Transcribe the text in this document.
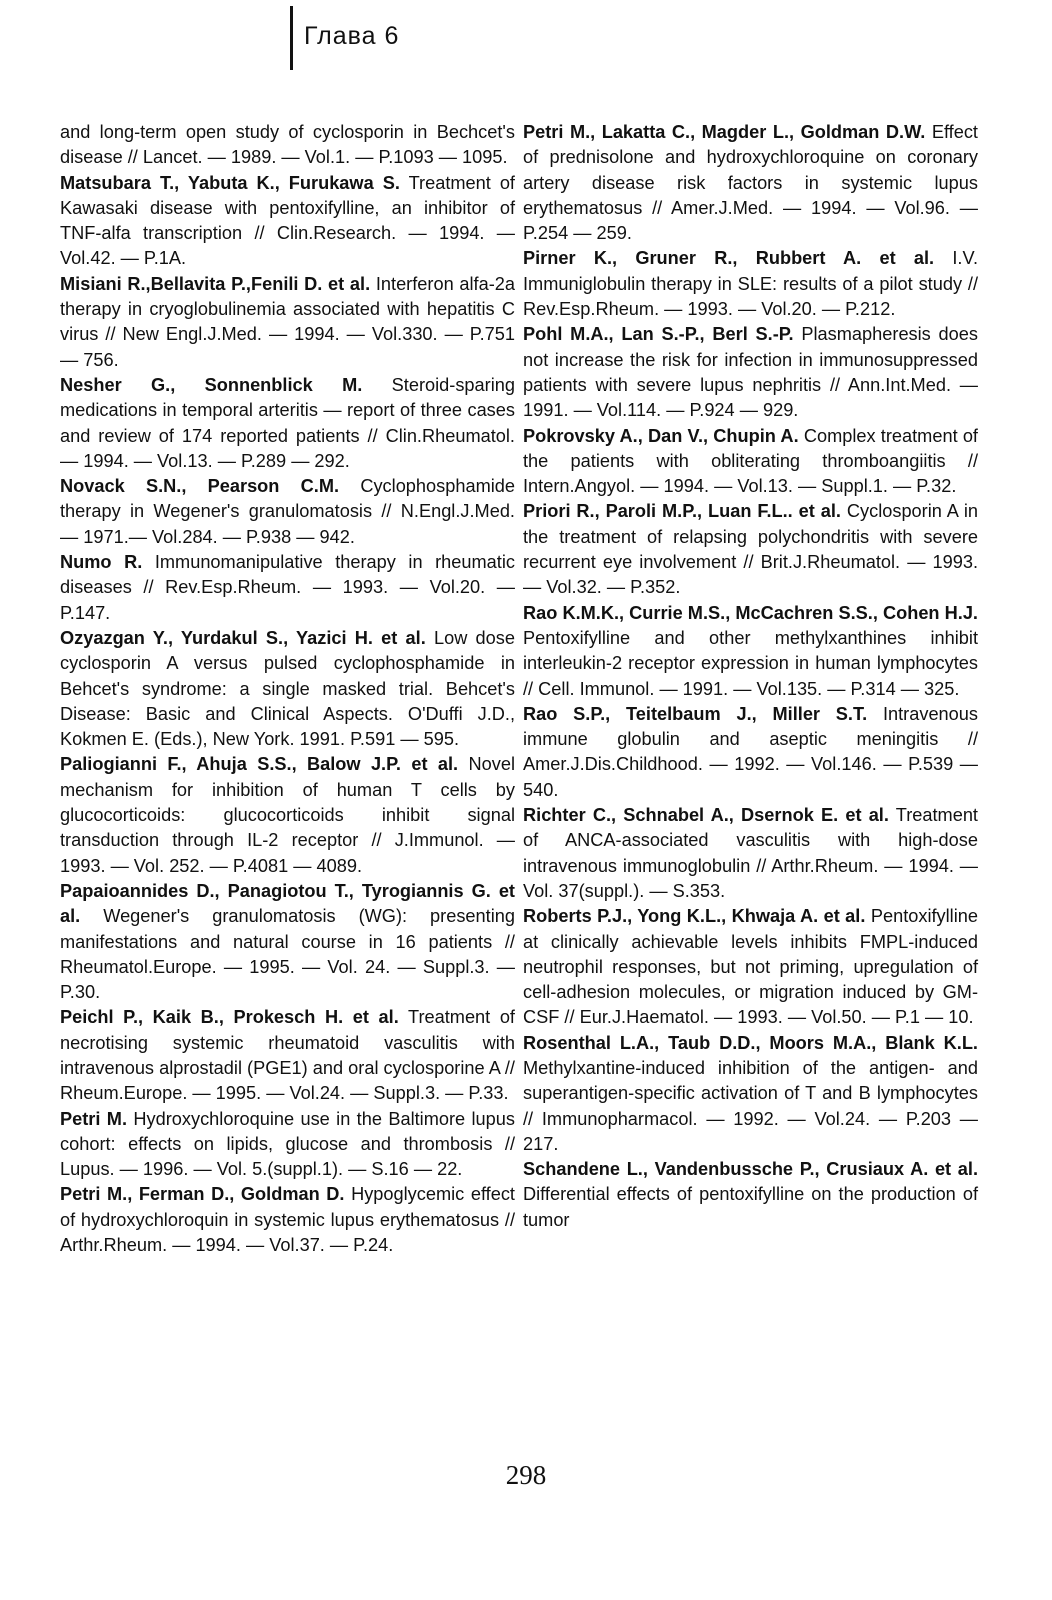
Глава 6

and long-term open study of cyclosporin in Bechcet's disease // Lancet. — 1989. — Vol.1. — P.1093 — 1095.

Matsubara T., Yabuta K., Furukawa S. Treatment of Kawasaki disease with pentoxifylline, an inhibitor of TNF-alfa transcription // Clin.Research. — 1994. — Vol.42. — P.1A.

Misiani R.,Bellavita P.,Fenili D. et al. Interferon alfa-2a therapy in cryoglobulinemia associated with hepatitis C virus // New Engl.J.Med. — 1994. — Vol.330. — P.751 — 756.

Nesher G., Sonnenblick M. Steroid-sparing medications in temporal arteritis — report of three cases and review of 174 reported patients // Clin.Rheumatol. — 1994. — Vol.13. — P.289 — 292.

Novack S.N., Pearson C.M. Cyclophosphamide therapy in Wegener's granulomatosis // N.Engl.J.Med. — 1971.— Vol.284. — P.938 — 942.

Numo R. Immunomanipulative therapy in rheumatic diseases // Rev.Esp.Rheum. — 1993. — Vol.20. — P.147.

Ozyazgan Y., Yurdakul S., Yazici H. et al. Low dose cyclosporin A versus pulsed cyclophosphamide in Behcet's syndrome: a single masked trial. Behcet's Disease: Basic and Clinical Aspects. O'Duffi J.D., Kokmen E. (Eds.), New York. 1991. P.591 — 595.

Paliogianni F., Ahuja S.S., Balow J.P. et al. Novel mechanism for inhibition of human T cells by glucocorticoids: glucocorticoids inhibit signal transduction through IL-2 receptor // J.Immunol. — 1993. — Vol. 252. — P.4081 — 4089.

Papaioannides D., Panagiotou T., Tyrogiannis G. et al. Wegener's granulomatosis (WG): presenting manifestations and natural course in 16 patients // Rheumatol.Europe. — 1995. — Vol. 24. — Suppl.3. — P.30.

Peichl P., Kaik B., Prokesch H. et al. Treatment of necrotising systemic rheumatoid vasculitis with intravenous alprostadil (PGE1) and oral cyclosporine A // Rheum.Europe. — 1995. — Vol.24. — Suppl.3. — P.33.

Petri M. Hydroxychloroquine use in the Baltimore lupus cohort: effects on lipids, glucose and thrombosis // Lupus. — 1996. — Vol. 5.(suppl.1). — S.16 — 22.

Petri M., Ferman D., Goldman D. Hypoglycemic effect of hydroxychloroquin in systemic lupus erythematosus // Arthr.Rheum. — 1994. — Vol.37. — P.24.

Petri M., Lakatta C., Magder L., Goldman D.W. Effect of prednisolone and hydroxychloroquine on coronary artery disease risk factors in systemic lupus erythematosus // Amer.J.Med. — 1994. — Vol.96. — P.254 — 259.

Pirner K., Gruner R., Rubbert A. et al. I.V. Immuniglobulin therapy in SLE: results of a pilot study // Rev.Esp.Rheum. — 1993. — Vol.20. — P.212.

Pohl M.A., Lan S.-P., Berl S.-P. Plasmapheresis does not increase the risk for infection in immunosuppressed patients with severe lupus nephritis // Ann.Int.Med. — 1991. — Vol.114. — P.924 — 929.

Pokrovsky A., Dan V., Chupin A. Complex treatment of the patients with obliterating thromboangiitis // Intern.Angyol. — 1994. — Vol.13. — Suppl.1. — P.32.

Priori R., Paroli M.P., Luan F.L.. et al. Cyclosporin A in the treatment of relapsing polychondritis with severe recurrent eye involvement // Brit.J.Rheumatol. — 1993. — Vol.32. — P.352.

Rao K.M.K., Currie M.S., McCachren S.S., Cohen H.J. Pentoxifylline and other methylxanthines inhibit interleukin-2 receptor expression in human lymphocytes // Cell. Immunol. — 1991. — Vol.135. — P.314 — 325.

Rao S.P., Teitelbaum J., Miller S.T. Intravenous immune globulin and aseptic meningitis // Amer.J.Dis.Childhood. — 1992. — Vol.146. — P.539 — 540.

Richter C., Schnabel A., Dsernok E. et al. Treatment of ANCA-associated vasculitis with high-dose intravenous immunoglobulin // Arthr.Rheum. — 1994. — Vol. 37(suppl.). — S.353.

Roberts P.J., Yong K.L., Khwaja A. et al. Pentoxifylline at clinically achievable levels inhibits FMPL-induced neutrophil responses, but not priming, upregulation of cell-adhesion molecules, or migration induced by GM-CSF // Eur.J.Haematol. — 1993. — Vol.50. — P.1 — 10.

Rosenthal L.A., Taub D.D., Moors M.A., Blank K.L. Methylxantine-induced inhibition of the antigen- and superantigen-specific activation of T and B lymphocytes // Immunopharmacol. — 1992. — Vol.24. — P.203 — 217.

Schandene L., Vandenbussche P., Crusiaux A. et al. Differential effects of pentoxifylline on the production of tumor

298
